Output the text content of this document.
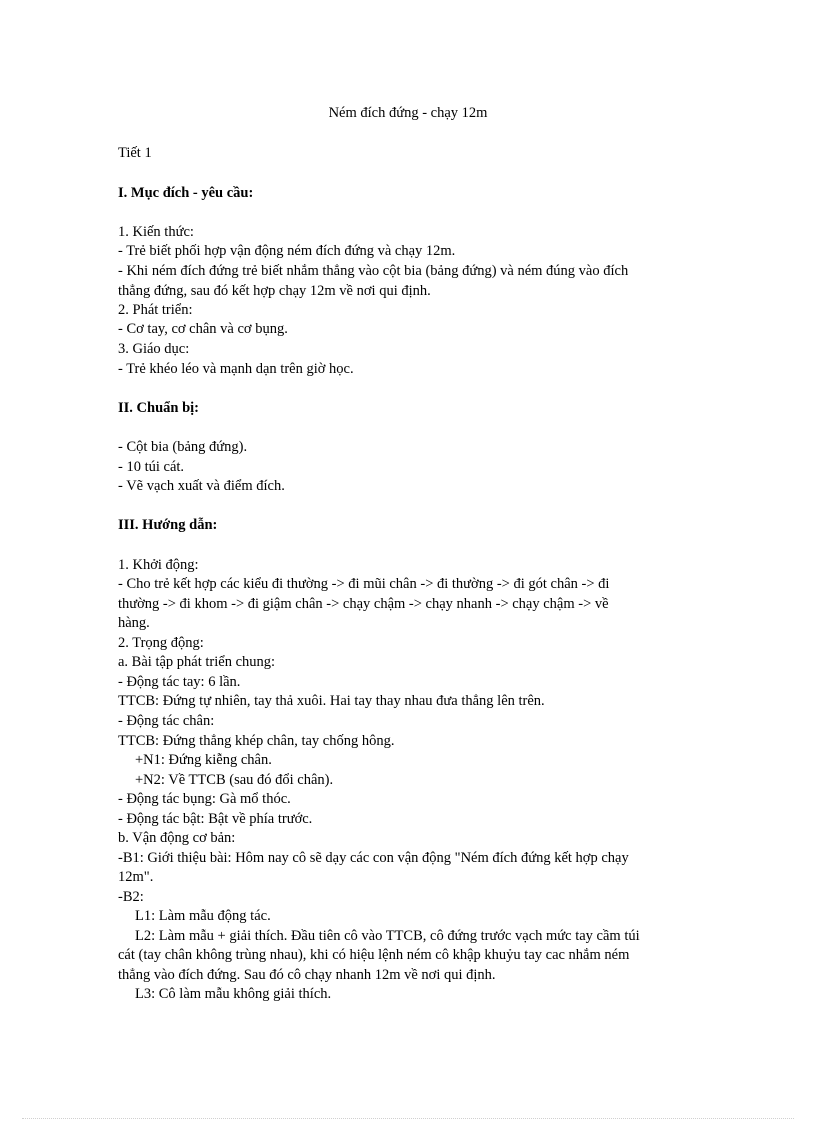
Ném đích đứng - chạy 12m
Tiết 1
I. Mục đích - yêu cầu:
1. Kiến thức:
- Trẻ biết phối hợp vận động ném đích đứng và chạy 12m.
- Khi ném đích đứng trẻ biết nhắm thẳng vào cột bia (bảng đứng) và ném đúng vào đích
thẳng đứng, sau đó kết hợp chạy 12m về nơi qui định.
2. Phát triển:
- Cơ tay, cơ chân và cơ bụng.
3. Giáo dục:
- Trẻ khéo léo và mạnh dạn trên giờ học.
II. Chuẩn bị:
- Cột bia (bảng đứng).
- 10 túi cát.
- Vẽ vạch xuất và điểm đích.
III. Hướng dẫn:
1. Khởi động:
- Cho trẻ kết hợp các kiểu đi thường -> đi mũi chân -> đi thường -> đi gót chân -> đi
thường -> đi khom -> đi giậm chân -> chạy chậm -> chạy nhanh -> chạy chậm -> về
hàng.
2. Trọng động:
a. Bài tập phát triển chung:
- Động tác tay: 6 lần.
TTCB: Đứng tự nhiên, tay thả xuôi. Hai tay thay nhau đưa thẳng lên trên.
- Động tác chân:
TTCB: Đứng thẳng khép chân, tay chống hông.
+N1: Đứng kiễng chân.
+N2: Về TTCB (sau đó đổi chân).
- Động tác bụng: Gà mổ thóc.
- Động tác bật: Bật về phía trước.
b. Vận động cơ bản:
-B1: Giới thiệu bài: Hôm nay cô sẽ dạy các con vận động "Ném đích đứng kết hợp chạy
12m".
-B2:
L1: Làm mẫu động tác.
L2: Làm mẫu + giải thích. Đầu tiên cô vào TTCB, cô đứng trước vạch mức tay cầm túi
cát (tay chân không trùng nhau), khi có hiệu lệnh ném cô khập khuỷu tay cac nhắm ném
thẳng vào đích đứng. Sau đó cô chạy nhanh 12m về nơi qui định.
L3: Cô làm mẫu không giải thích.
